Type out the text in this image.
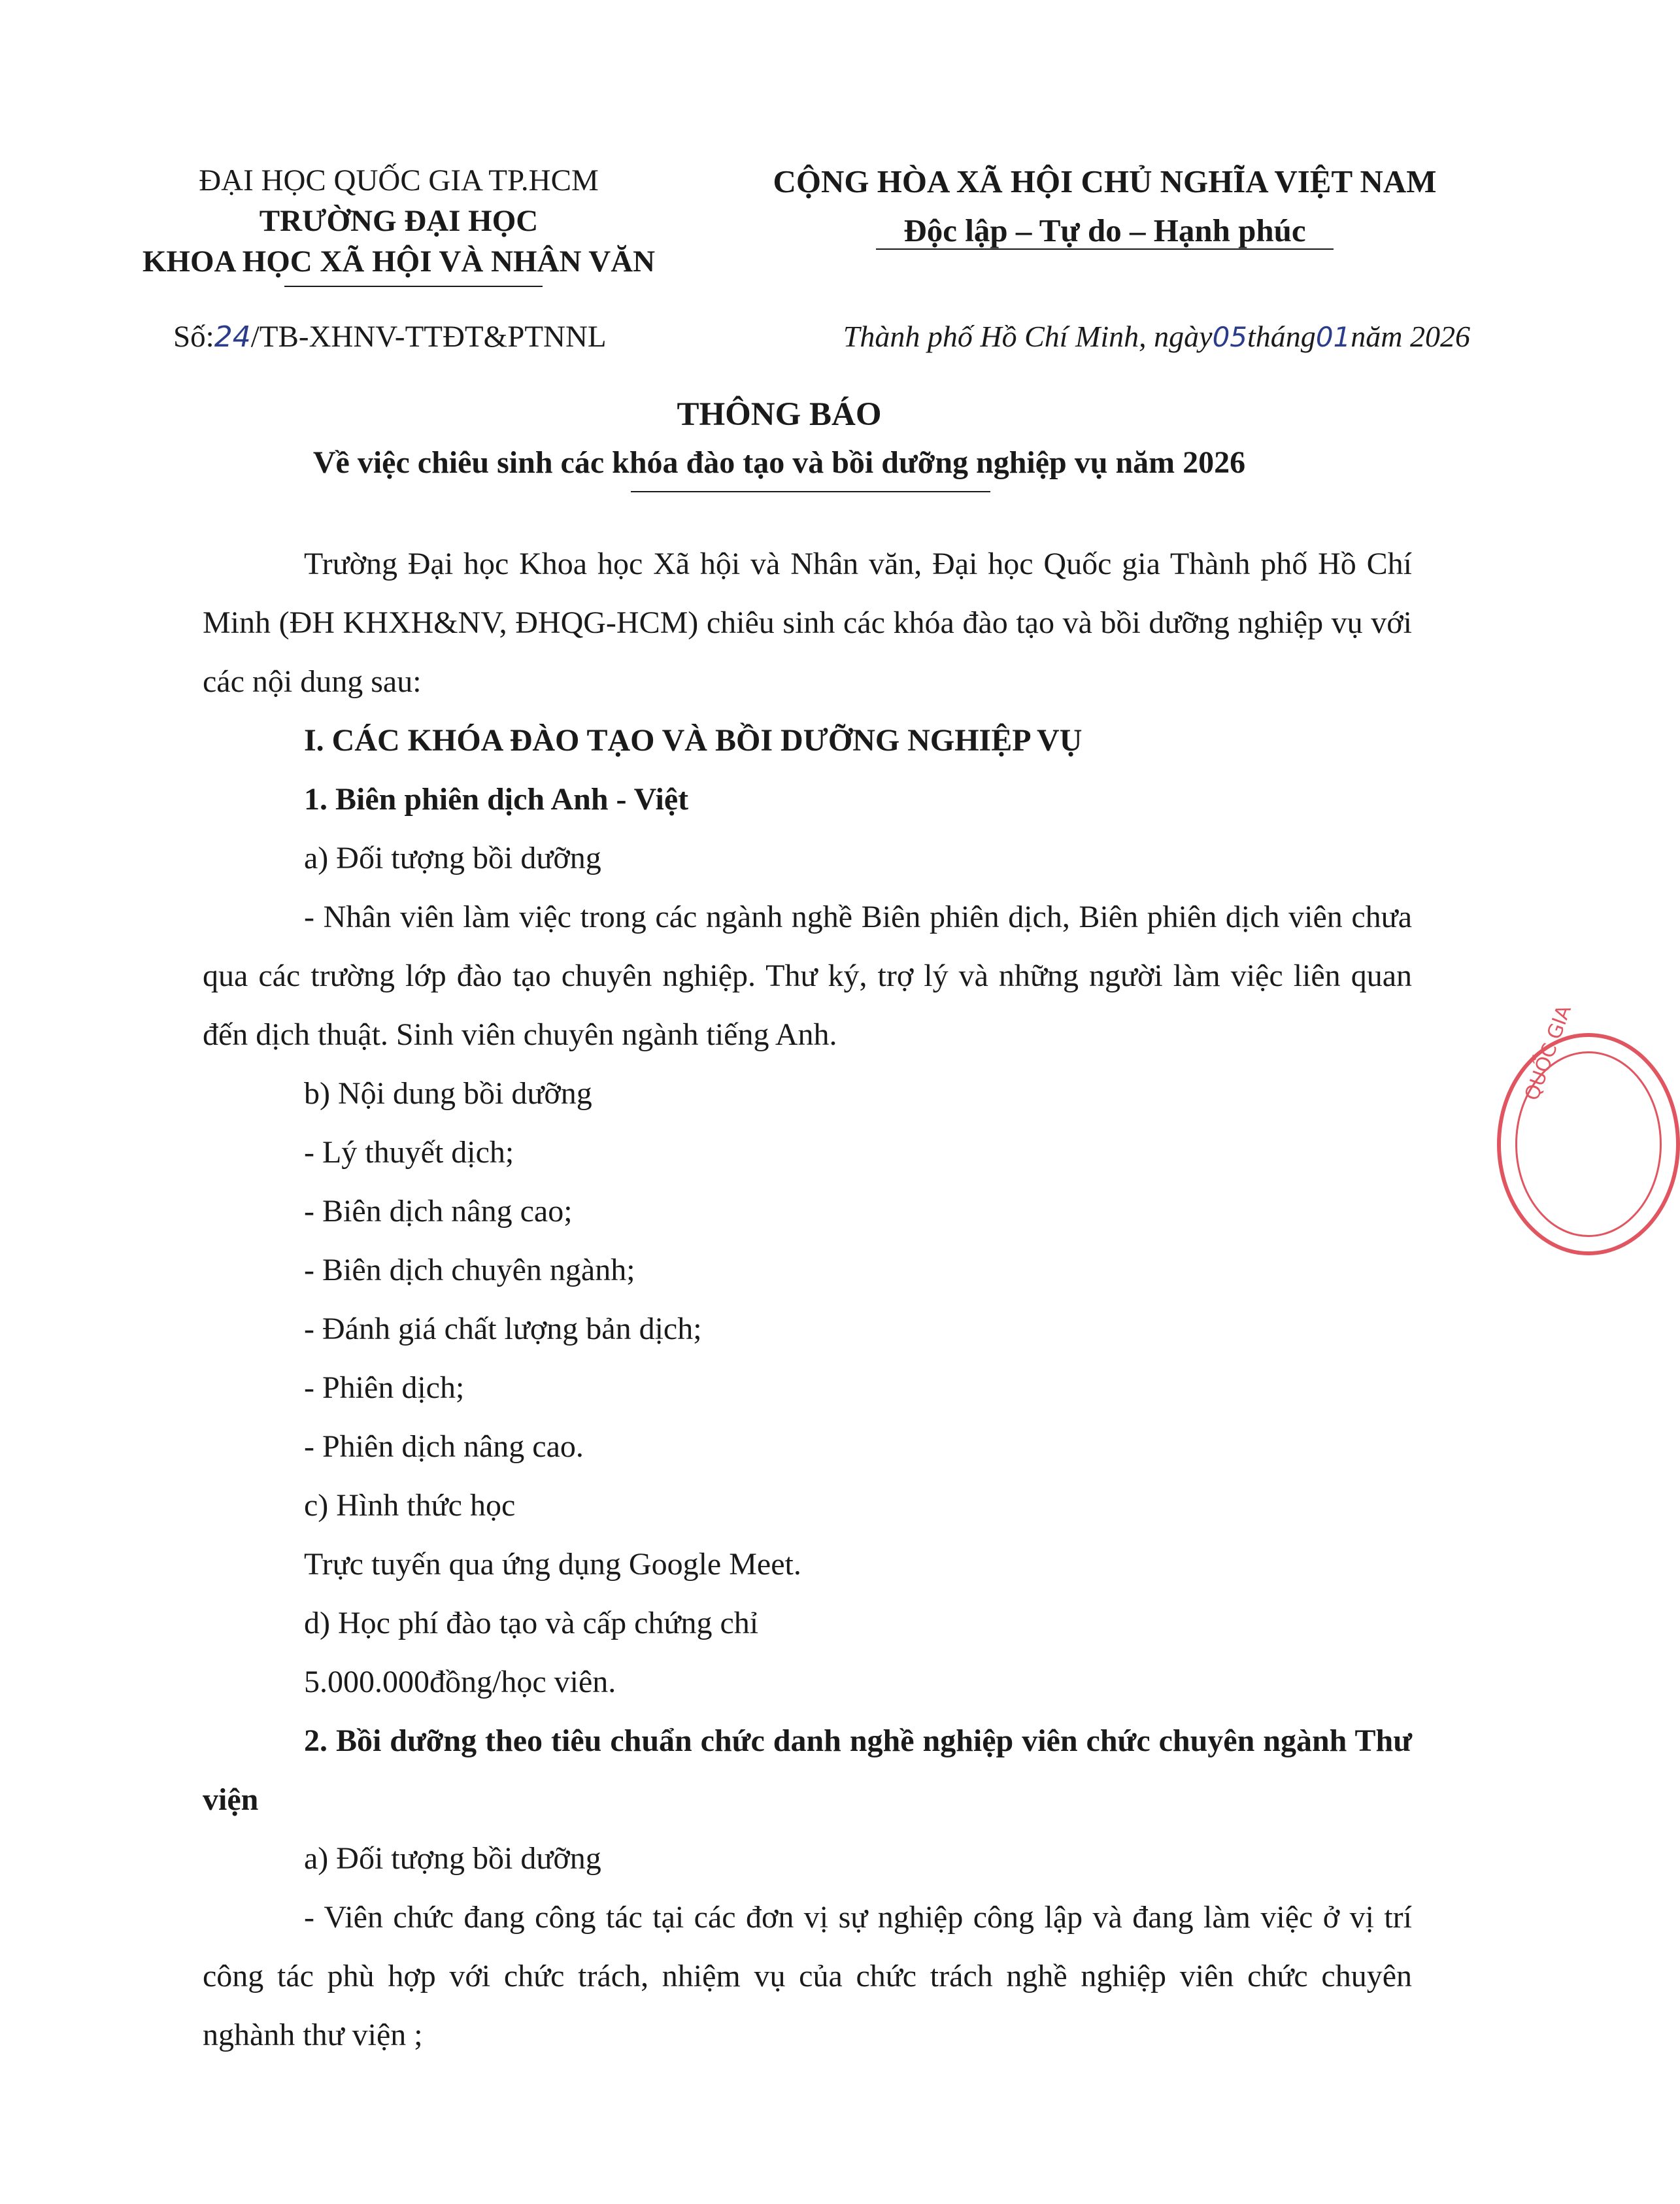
ĐẠI HỌC QUỐC GIA TP.HCM
TRƯỜNG ĐẠI HỌC
KHOA HỌC XÃ HỘI VÀ NHÂN VĂN
CỘNG HÒA XÃ HỘI CHỦ NGHĨA VIỆT NAM
Độc lập – Tự do – Hạnh phúc
Số:24/TB-XHNV-TTĐT&PTNNL	Thành phố Hồ Chí Minh, ngày05tháng01năm 2026
THÔNG BÁO
Về việc chiêu sinh các khóa đào tạo và bồi dưỡng nghiệp vụ năm 2026

Trường Đại học Khoa học Xã hội và Nhân văn, Đại học Quốc gia Thành phố Hồ Chí Minh (ĐH KHXH&NV, ĐHQG-HCM) chiêu sinh các khóa đào tạo và bồi dưỡng nghiệp vụ với các nội dung sau:

I. CÁC KHÓA ĐÀO TẠO VÀ BỒI DƯỠNG NGHIỆP VỤ

1. Biên phiên dịch Anh - Việt

a) Đối tượng bồi dưỡng

- Nhân viên làm việc trong các ngành nghề Biên phiên dịch, Biên phiên dịch viên chưa qua các trường lớp đào tạo chuyên nghiệp. Thư ký, trợ lý và những người làm việc liên quan đến dịch thuật. Sinh viên chuyên ngành tiếng Anh.

b) Nội dung bồi dưỡng

- Lý thuyết dịch;

- Biên dịch nâng cao;

- Biên dịch chuyên ngành;

- Đánh giá chất lượng bản dịch;

- Phiên dịch;

- Phiên dịch nâng cao.

c) Hình thức học

Trực tuyến qua ứng dụng Google Meet.

d) Học phí đào tạo và cấp chứng chỉ

5.000.000đồng/học viên.

2. Bồi dưỡng theo tiêu chuẩn chức danh nghề nghiệp viên chức chuyên ngành Thư viện

a) Đối tượng bồi dưỡng

- Viên chức đang công tác tại các đơn vị sự nghiệp công lập và đang làm việc ở vị trí công tác phù hợp với chức trách, nhiệm vụ của chức trách nghề nghiệp viên chức chuyên nghành thư viện ;

QUỐC GIA
